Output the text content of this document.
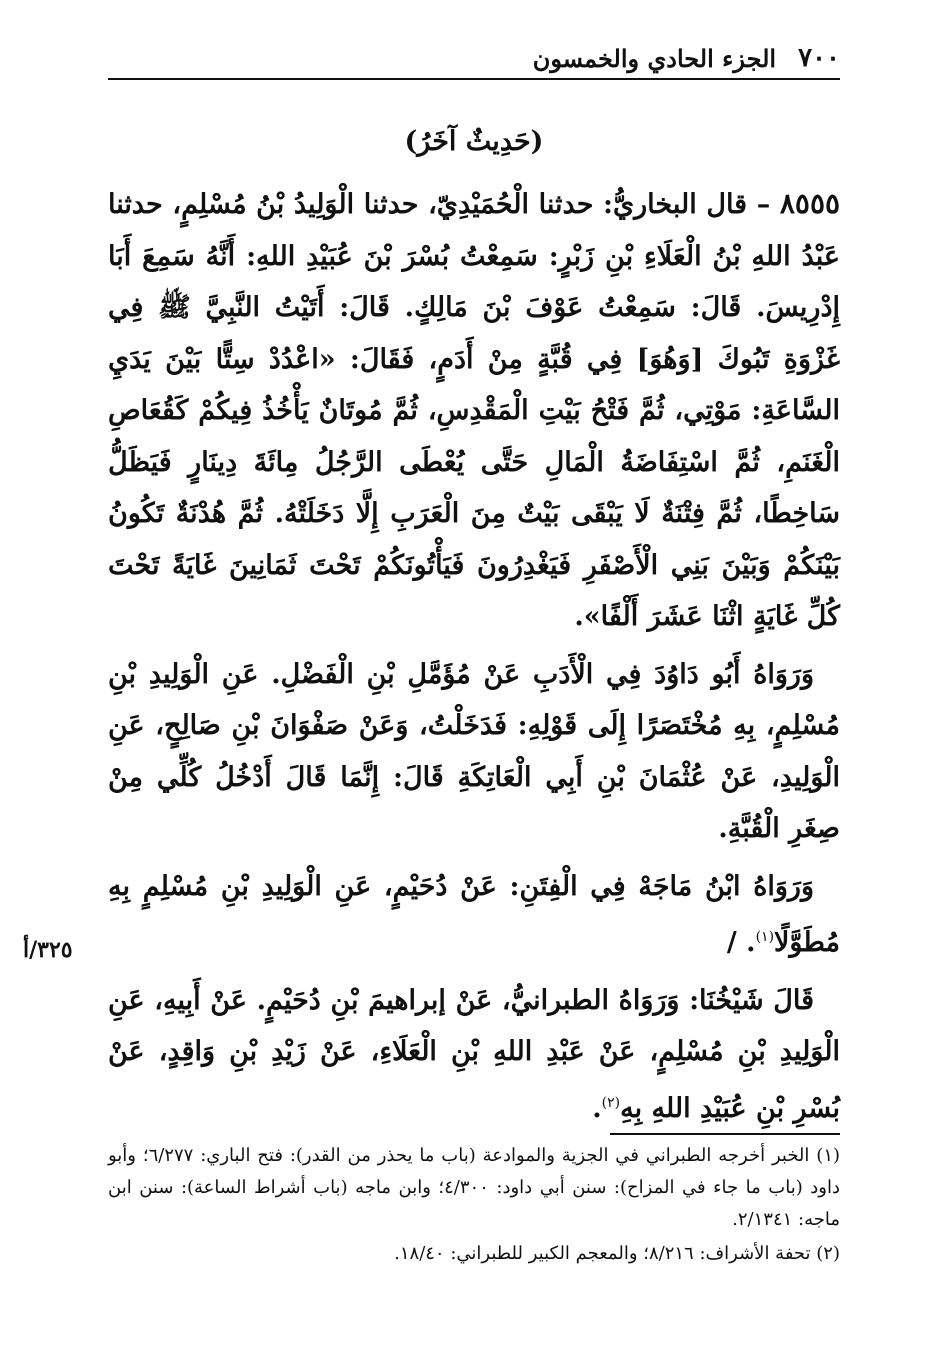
٧٠٠
الجزء الحادي والخمسون
(حَدِيثٌ آخَرُ)

٨٥٥٥ – قال البخاريُّ: حدثنا الْحُمَيْدِيّ، حدثنا الْوَلِيدُ بْنُ مُسْلِمٍ، حدثنا عَبْدُ اللهِ بْنُ الْعَلَاءِ بْنِ زَبْرٍ: سَمِعْتُ بُسْرَ بْنَ عُبَيْدِ اللهِ: أَنَّهُ سَمِعَ أَبَا إِدْرِيسَ. قَالَ: سَمِعْتُ عَوْفَ بْنَ مَالِكٍ. قَالَ: أَتَيْتُ النَّبِيَّ ﷺ فِي غَزْوَةِ تَبُوكَ [وَهُوَ] فِي قُبَّةٍ مِنْ أَدَمٍ، فَقَالَ: «اعْدُدْ سِتًّا بَيْنَ يَدَيِ السَّاعَةِ: مَوْتِي، ثُمَّ فَتْحُ بَيْتِ الْمَقْدِسِ، ثُمَّ مُوتَانٌ يَأْخُذُ فِيكُمْ كَقُعَاصِ الْغَنَمِ، ثُمَّ اسْتِفَاضَةُ الْمَالِ حَتَّى يُعْطَى الرَّجُلُ مِائَةَ دِينَارٍ فَيَظَلُّ سَاخِطًا، ثُمَّ فِتْنَةٌ لَا يَبْقَى بَيْتٌ مِنَ الْعَرَبِ إِلَّا دَخَلَتْهُ. ثُمَّ هُدْنَةٌ تَكُونُ بَيْنَكُمْ وَبَيْنَ بَنِي الْأَصْفَرِ فَيَغْدِرُونَ فَيَأْتُونَكُمْ تَحْتَ ثَمَانِينَ غَايَةً تَحْتَ كُلِّ غَايَةٍ اثْنَا عَشَرَ أَلْفًا».

وَرَوَاهُ أَبُو دَاوُدَ فِي الْأَدَبِ عَنْ مُؤَمَّلِ بْنِ الْفَضْلِ. عَنِ الْوَلِيدِ بْنِ مُسْلِمٍ، بِهِ مُخْتَصَرًا إِلَى قَوْلِهِ: فَدَخَلْتُ، وَعَنْ صَفْوَانَ بْنِ صَالِحٍ، عَنِ الْوَلِيدِ، عَنْ عُثْمَانَ بْنِ أَبِي الْعَاتِكَةِ قَالَ: إِنَّمَا قَالَ أَدْخُلُ كُلِّي مِنْ صِغَرِ الْقُبَّةِ.

وَرَوَاهُ ابْنُ مَاجَهْ فِي الْفِتَنِ: عَنْ دُحَيْمٍ، عَنِ الْوَلِيدِ بْنِ مُسْلِمٍ بِهِ مُطَوَّلًا$^{(١)}$. /

٣٢٥/أ

قَالَ شَيْخُنَا: وَرَوَاهُ الطبرانيُّ، عَنْ إبراهيمَ بْنِ دُحَيْمٍ. عَنْ أَبِيهِ، عَنِ الْوَلِيدِ بْنِ مُسْلِمٍ، عَنْ عَبْدِ اللهِ بْنِ الْعَلَاءِ، عَنْ زَيْدِ بْنِ وَاقِدٍ، عَنْ بُسْرِ بْنِ عُبَيْدِ اللهِ بِهِ$^{(٢)}$.

(١) الخبر أخرجه الطبراني في الجزية والموادعة (باب ما يحذر من القدر): فتح الباري: ٦/٢٧٧؛ وأبو داود (باب ما جاء في المزاح): سنن أبي داود: ٤/٣٠٠؛ وابن ماجه (باب أشراط الساعة): سنن ابن ماجه: ٢/١٣٤١.

(٢) تحفة الأشراف: ٨/٢١٦؛ والمعجم الكبير للطبراني: ١٨/٤٠.
